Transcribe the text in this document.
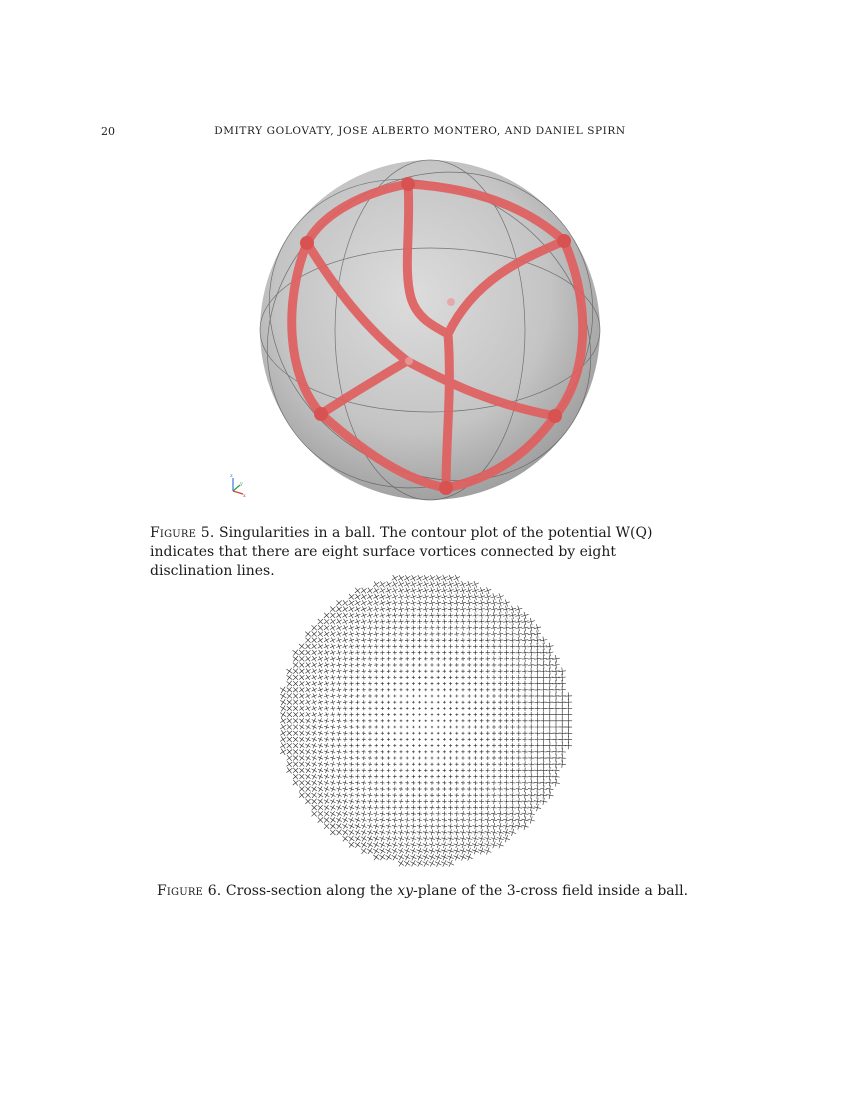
20	DMITRY GOLOVATY, JOSE ALBERTO MONTERO, AND DANIEL SPIRN
z
y
x
Figure 5. Singularities in a ball. The contour plot of the potential W(Q) indicates that there are eight surface vortices connected by eight disclination lines.
Figure 6. Cross-section along the xy-plane of the 3-cross field inside a ball.
